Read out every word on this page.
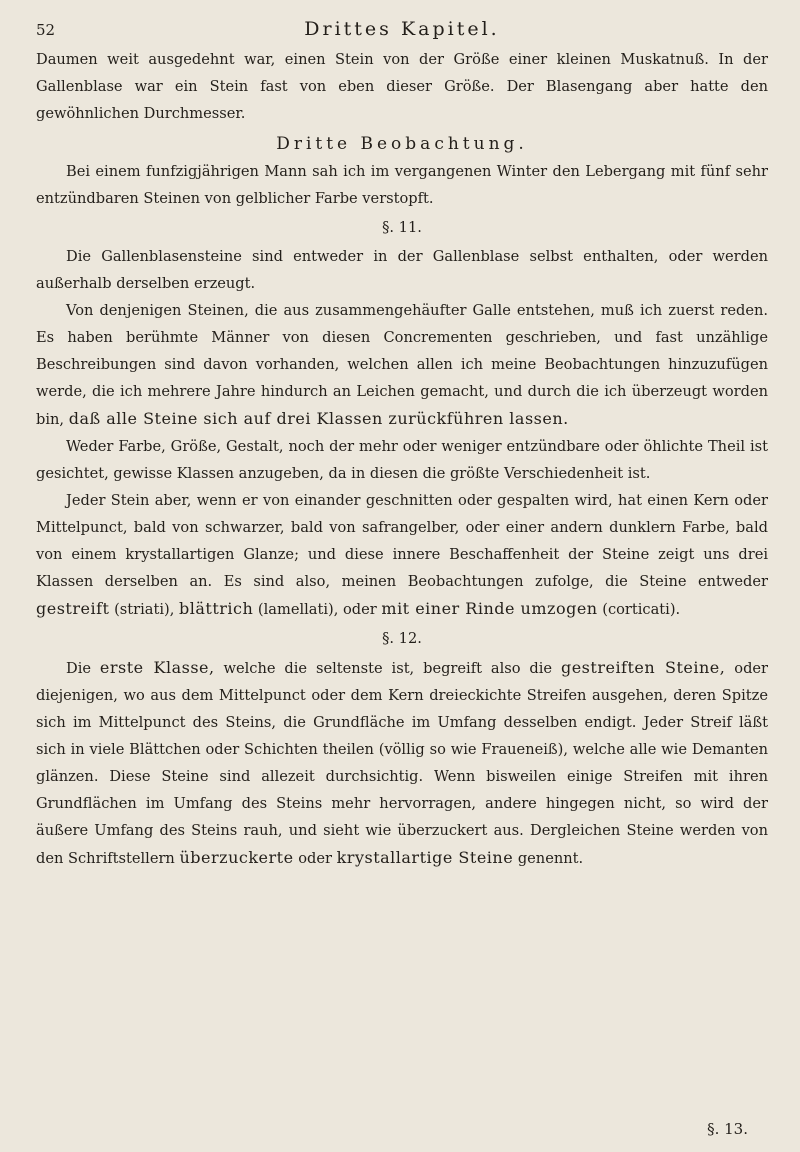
52	Drittes Kapitel.

Daumen weit ausgedehnt war, einen Stein von der Größe einer kleinen Muskatnuß. In der Gallenblase war ein Stein fast von eben dieser Größe. Der Blasengang aber hatte den gewöhnlichen Durchmesser.

Dritte Beobachtung.

Bei einem funfzigjährigen Mann sah ich im vergangenen Winter den Lebergang mit fünf sehr entzündbaren Steinen von gelblicher Farbe verstopft.

§. 11.

Die Gallenblasensteine sind entweder in der Gallenblase selbst enthalten, oder werden außerhalb derselben erzeugt.

Von denjenigen Steinen, die aus zusammengehäufter Galle entstehen, muß ich zuerst reden. Es haben berühmte Männer von diesen Concrementen geschrieben, und fast unzählige Beschreibungen sind davon vorhanden, welchen allen ich meine Beobachtungen hinzuzufügen werde, die ich mehrere Jahre hindurch an Leichen gemacht, und durch die ich überzeugt worden bin, daß alle Steine sich auf drei Klassen zurückführen lassen.

Weder Farbe, Größe, Gestalt, noch der mehr oder weniger entzündbare oder öhlichte Theil ist gesichtet, gewisse Klassen anzugeben, da in diesen die größte Verschiedenheit ist.

Jeder Stein aber, wenn er von einander geschnitten oder gespalten wird, hat einen Kern oder Mittelpunct, bald von schwarzer, bald von safrangelber, oder einer andern dunklern Farbe, bald von einem krystallartigen Glanze; und diese innere Beschaffenheit der Steine zeigt uns drei Klassen derselben an. Es sind also, meinen Beobachtungen zufolge, die Steine entweder gestreift (striati), blättrich (lamellati), oder mit einer Rinde umzogen (corticati).

§. 12.

Die erste Klasse, welche die seltenste ist, begreift also die gestreiften Steine, oder diejenigen, wo aus dem Mittelpunct oder dem Kern dreieckichte Streifen ausgehen, deren Spitze sich im Mittelpunct des Steins, die Grundfläche im Umfang desselben endigt. Jeder Streif läßt sich in viele Blättchen oder Schichten theilen (völlig so wie Fraueneiß), welche alle wie Demanten glänzen. Diese Steine sind allezeit durchsichtig. Wenn bisweilen einige Streifen mit ihren Grundflächen im Umfang des Steins mehr hervorragen, andere hingegen nicht, so wird der äußere Umfang des Steins rauh, und sieht wie überzuckert aus. Dergleichen Steine werden von den Schriftstellern überzuckerte oder krystallartige Steine genennt.

§. 13.
